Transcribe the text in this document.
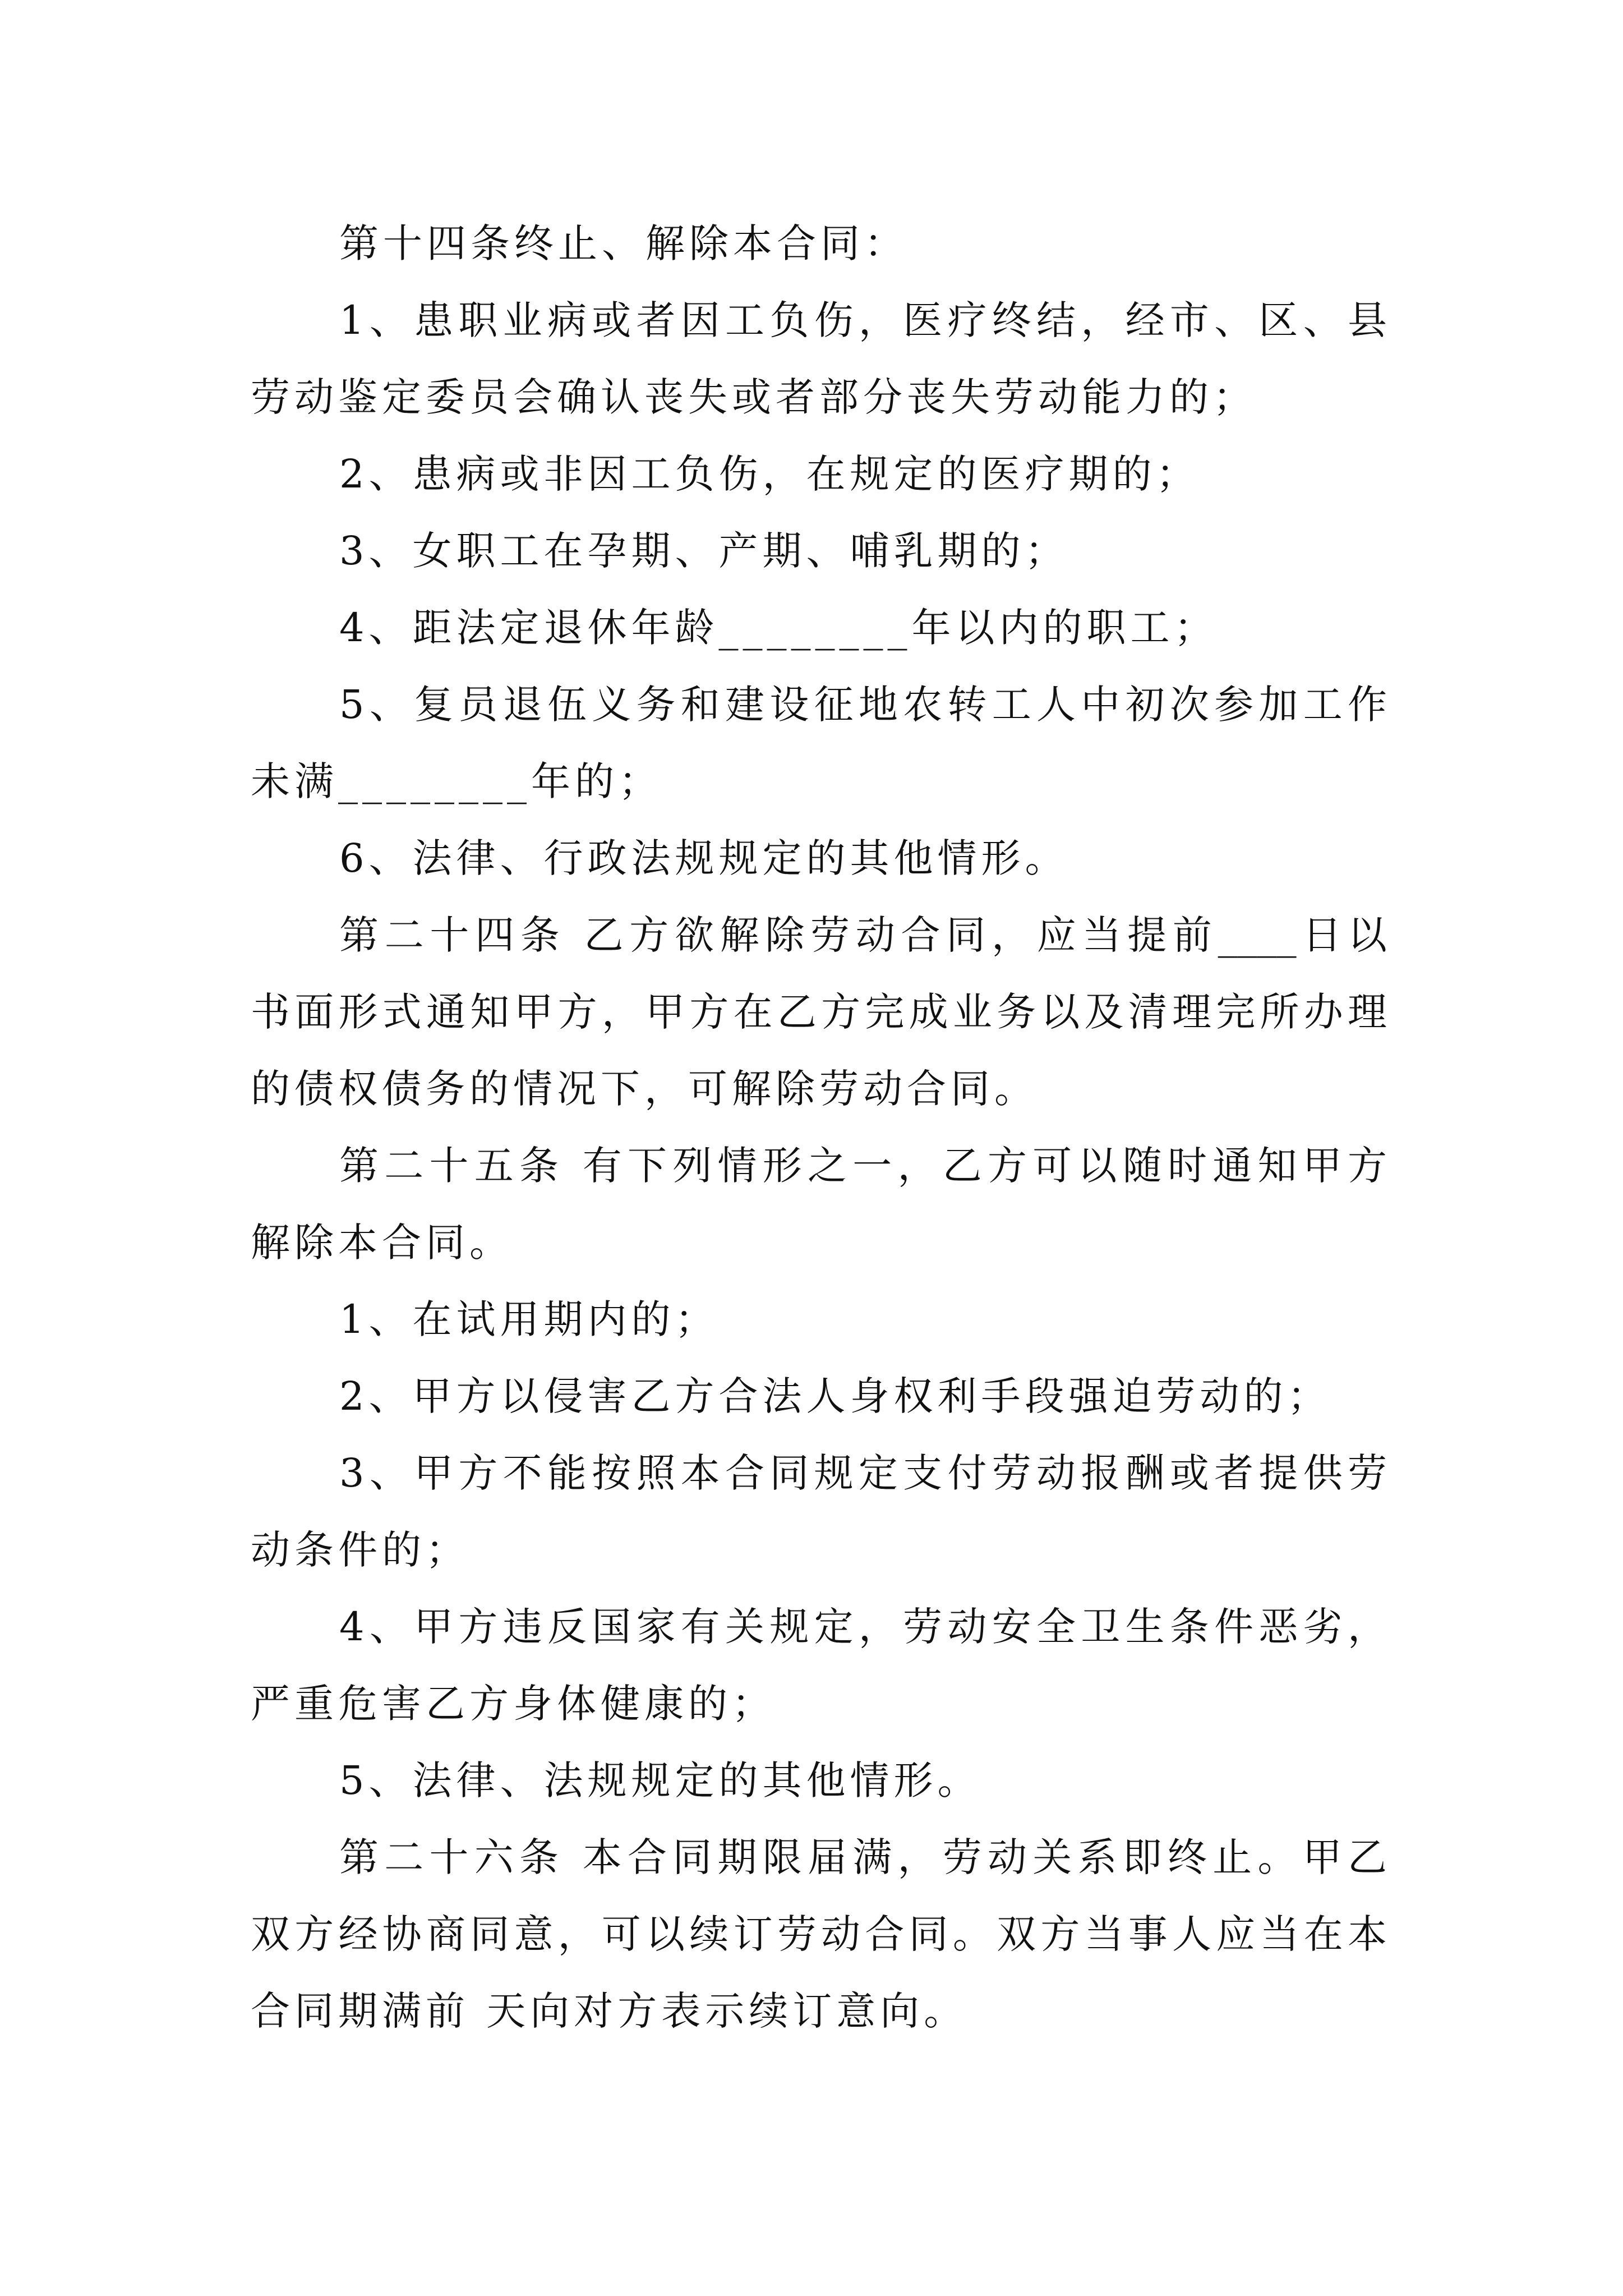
第十四条终止、解除本合同：
1、患职业病或者因工负伤，医疗终结，经市、区、县
劳动鉴定委员会确认丧失或者部分丧失劳动能力的；
2、患病或非因工负伤，在规定的医疗期的；
3、女职工在孕期、产期、哺乳期的；
4、距法定退休年龄________年以内的职工；
5、复员退伍义务和建设征地农转工人中初次参加工作
未满________年的；
6、法律、行政法规规定的其他情形。
第二十四条 乙方欲解除劳动合同，应当提前____日以
书面形式通知甲方，甲方在乙方完成业务以及清理完所办理
的债权债务的情况下，可解除劳动合同。
第二十五条 有下列情形之一，乙方可以随时通知甲方
解除本合同。
1、在试用期内的；
2、甲方以侵害乙方合法人身权利手段强迫劳动的；
3、甲方不能按照本合同规定支付劳动报酬或者提供劳
动条件的；
4、甲方违反国家有关规定，劳动安全卫生条件恶劣，
严重危害乙方身体健康的；
5、法律、法规规定的其他情形。
第二十六条 本合同期限届满，劳动关系即终止。甲乙
双方经协商同意，可以续订劳动合同。双方当事人应当在本
合同期满前 天向对方表示续订意向。
